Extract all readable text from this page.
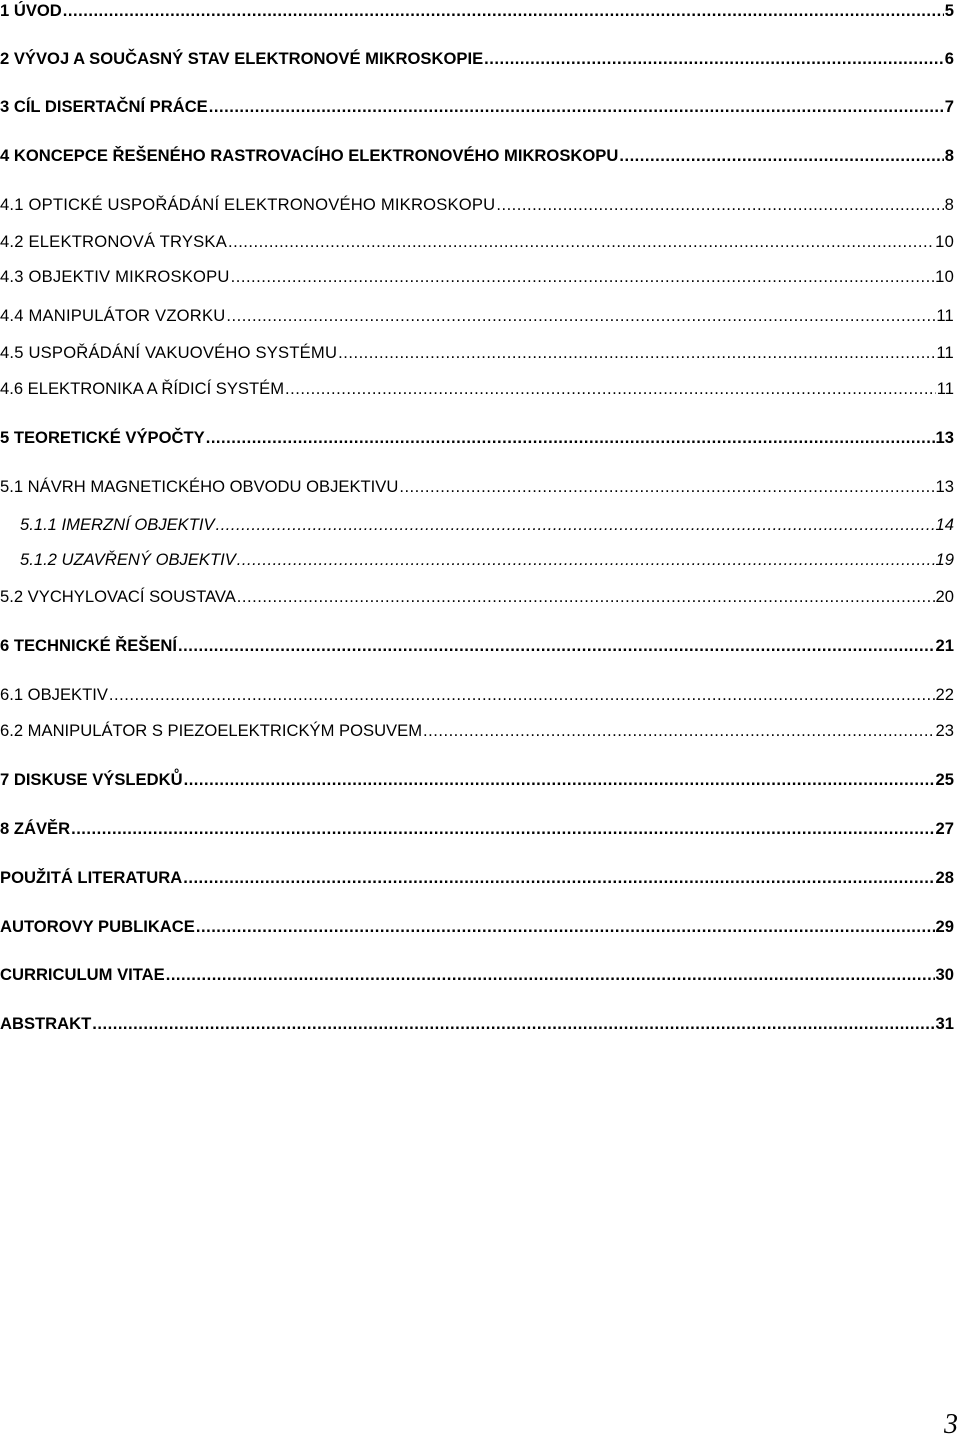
1 ÚVOD .....	5
2 VÝVOJ A SOUČASNÝ STAV ELEKTRONOVÉ MIKROSKOPIE .....	6
3 CÍL DISERTAČNÍ PRÁCE .....	7
4 KONCEPCE ŘEŠENÉHO RASTROVACÍHO ELEKTRONOVÉHO MIKROSKOPU .....	8
4.1 OPTICKÉ USPOŘÁDÁNÍ ELEKTRONOVÉHO MIKROSKOPU .....	8
4.2 ELEKTRONOVÁ TRYSKA .....	10
4.3 OBJEKTIV MIKROSKOPU .....	10
4.4 MANIPULÁTOR VZORKU .....	11
4.5 USPOŘÁDÁNÍ VAKUOVÉHO SYSTÉMU .....	11
4.6 ELEKTRONIKA A ŘÍDICÍ SYSTÉM .....	11
5 TEORETICKÉ VÝPOČTY .....	13
5.1 NÁVRH MAGNETICKÉHO OBVODU OBJEKTIVU .....	13
5.1.1 IMERZNÍ OBJEKTIV .....	14
5.1.2 UZAVŘENÝ OBJEKTIV .....	19
5.2 VYCHYLOVACÍ SOUSTAVA .....	20
6 TECHNICKÉ ŘEŠENÍ .....	21
6.1 OBJEKTIV .....	22
6.2 MANIPULÁTOR S PIEZOELEKTRICKÝM POSUVEM .....	23
7 DISKUSE VÝSLEDKŮ .....	25
8 ZÁVĚR .....	27
POUŽITÁ LITERATURA .....	28
AUTOROVY PUBLIKACE .....	29
CURRICULUM VITAE .....	30
ABSTRAKT .....	31
3
